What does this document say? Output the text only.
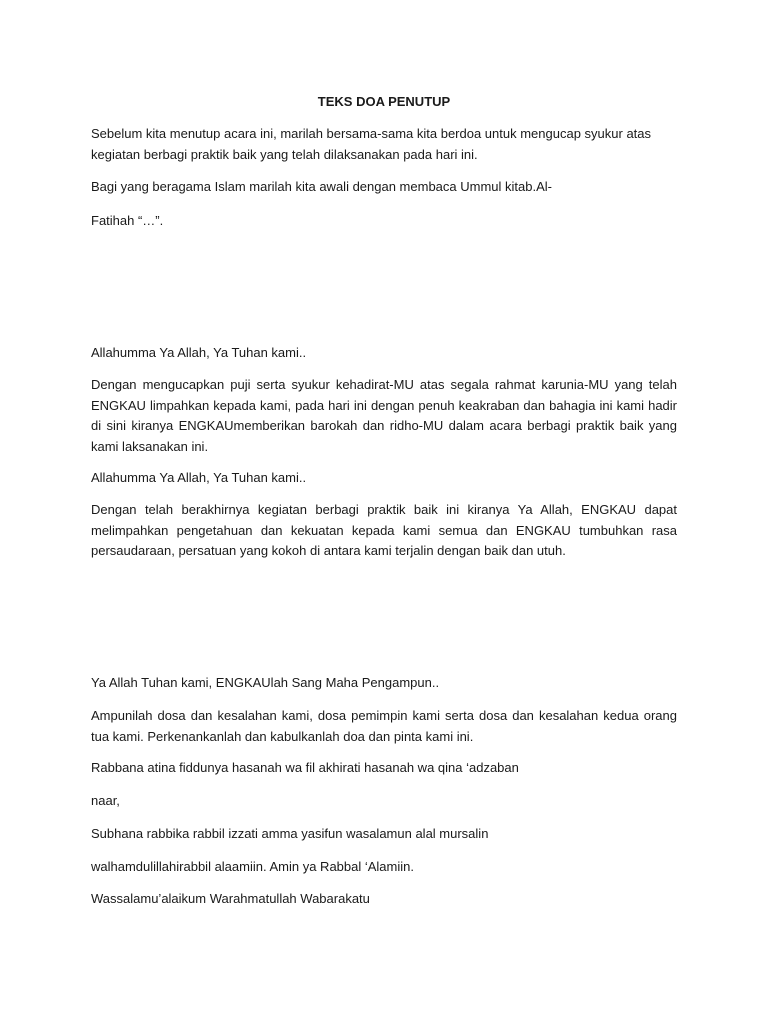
TEKS DOA PENUTUP

Sebelum kita menutup acara ini, marilah bersama-sama kita berdoa untuk mengucap syukur atas kegiatan berbagi praktik baik yang telah dilaksanakan pada hari ini.

Bagi yang beragama Islam marilah kita awali dengan membaca Ummul kitab.Al-

Fatihah “…”.

Allahumma Ya Allah, Ya Tuhan kami..

Dengan mengucapkan puji serta syukur kehadirat-MU atas segala rahmat karunia-MU yang telah ENGKAU limpahkan kepada kami, pada hari ini dengan penuh keakraban dan bahagia ini kami hadir di sini kiranya ENGKAUmemberikan barokah dan ridho-MU dalam acara berbagi praktik baik yang kami laksanakan ini.

Allahumma Ya Allah, Ya Tuhan kami..

Dengan telah berakhirnya kegiatan berbagi praktik baik ini kiranya Ya Allah, ENGKAU dapat melimpahkan pengetahuan dan kekuatan kepada kami semua dan ENGKAU tumbuhkan rasa persaudaraan, persatuan yang kokoh di antara kami terjalin dengan baik dan utuh.

Ya Allah Tuhan kami, ENGKAUlah Sang Maha Pengampun..

Ampunilah dosa dan kesalahan kami, dosa pemimpin kami serta dosa dan kesalahan kedua orang tua kami. Perkenankanlah dan kabulkanlah doa dan pinta kami ini.

Rabbana atina fiddunya hasanah wa fil akhirati hasanah wa qina ‘adzaban

naar,

Subhana rabbika rabbil izzati amma yasifun wasalamun alal mursalin

walhamdulillahirabbil alaamiin. Amin ya Rabbal ‘Alamiin.

Wassalamu’alaikum Warahmatullah Wabarakatu
